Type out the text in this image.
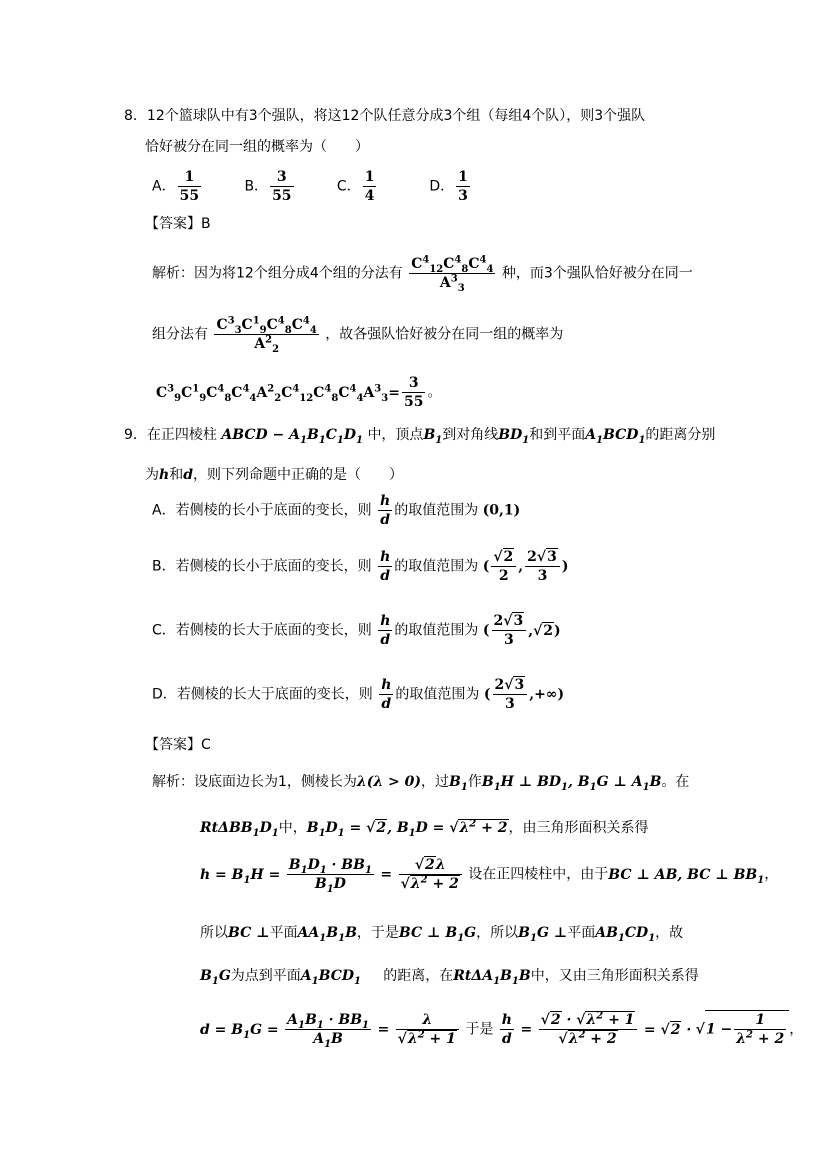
8．12个篮球队中有3个强队，将这12个队任意分成3个组（每组4个队），则3个强队
恰好被分在同一组的概率为（　　）
A． $\frac{1}{55}$	B． $\frac{3}{55}$	C． $\frac{1}{4}$	D． $\frac{1}{3}$
【答案】B
解析：因为将12个组分成4个组的分法有 $\frac{C^4_{12}C^4_8C^4_4}{A^3_3}$ 种，而3个强队恰好被分在同一
组分法有 $\frac{C^3_3C^1_9C^4_8C^4_4}{A^2_2}$ ，故各强队恰好被分在同一组的概率为
$C^3_9C^1_9C^4_8C^4_4A^2_2C^4_{12}C^4_8C^4_4A^3_3= \frac{3}{55}$ 。
9．在正四棱柱 ABCD − $A_1B_1C_1D_1$ 中，顶点$B_1$到对角线$BD_1$和到平面$A_1BCD_1$的距离分别
为h和d，则下列命题中正确的是（　　）
A．若侧棱的长小于底面的变长，则 $\frac{h}{d}$ 的取值范围为 (0,1)
B．若侧棱的长小于底面的变长，则 $\frac{h}{d}$ 的取值范围为 ( $\frac{√2}{2}$ , $\frac{2√3}{3}$ )
C．若侧棱的长大于底面的变长，则 $\frac{h}{d}$ 的取值范围为 ( $\frac{2√3}{3} ,√2$)
D．若侧棱的长大于底面的变长，则 $\frac{h}{d}$ 的取值范围为 ( $\frac{2√3}{3}$ ,+∞)
【答案】C
解析：设底面边长为1，侧棱长为λ(λ > 0)，过$B_1$作$B_1H$ ⊥ $BD_1$, $B_1G$ ⊥ $A_1B$。在
$Rt\Delta BB_1D_1$中，$B_1D_1 = √2$, $B_1D = √\lambda^2 + 2$，由三角形面积关系得
$h = B_1H = \frac{B_1D_1 \cdot BB_1}{B_1D} = \frac{√2\lambda}{√\lambda^2 + 2}$ 设在正四棱柱中，由于BC ⊥ AB, BC ⊥ $BB_1$，
所以BC ⊥平面$AA_1B_1B$，于是BC ⊥ $B_1G$，所以$B_1G$ ⊥平面$AB_1CD_1$，故
$B_1G$为点到平面$A_1BCD_1$ 的距离，在$Rt\Delta A_1B_1B$中，又由三角形面积关系得
$d = B_1G = \frac{A_1B_1 \cdot BB_1}{A_1B} = \frac{\lambda}{√\lambda^2 + 1}$ 于是 $\frac{h}{d} = \frac{√2 \cdot √\lambda^2 + 1}{√\lambda^2 + 2} = √2 \cdot √1 - \frac{1}{\lambda^2 + 2}$ ，
